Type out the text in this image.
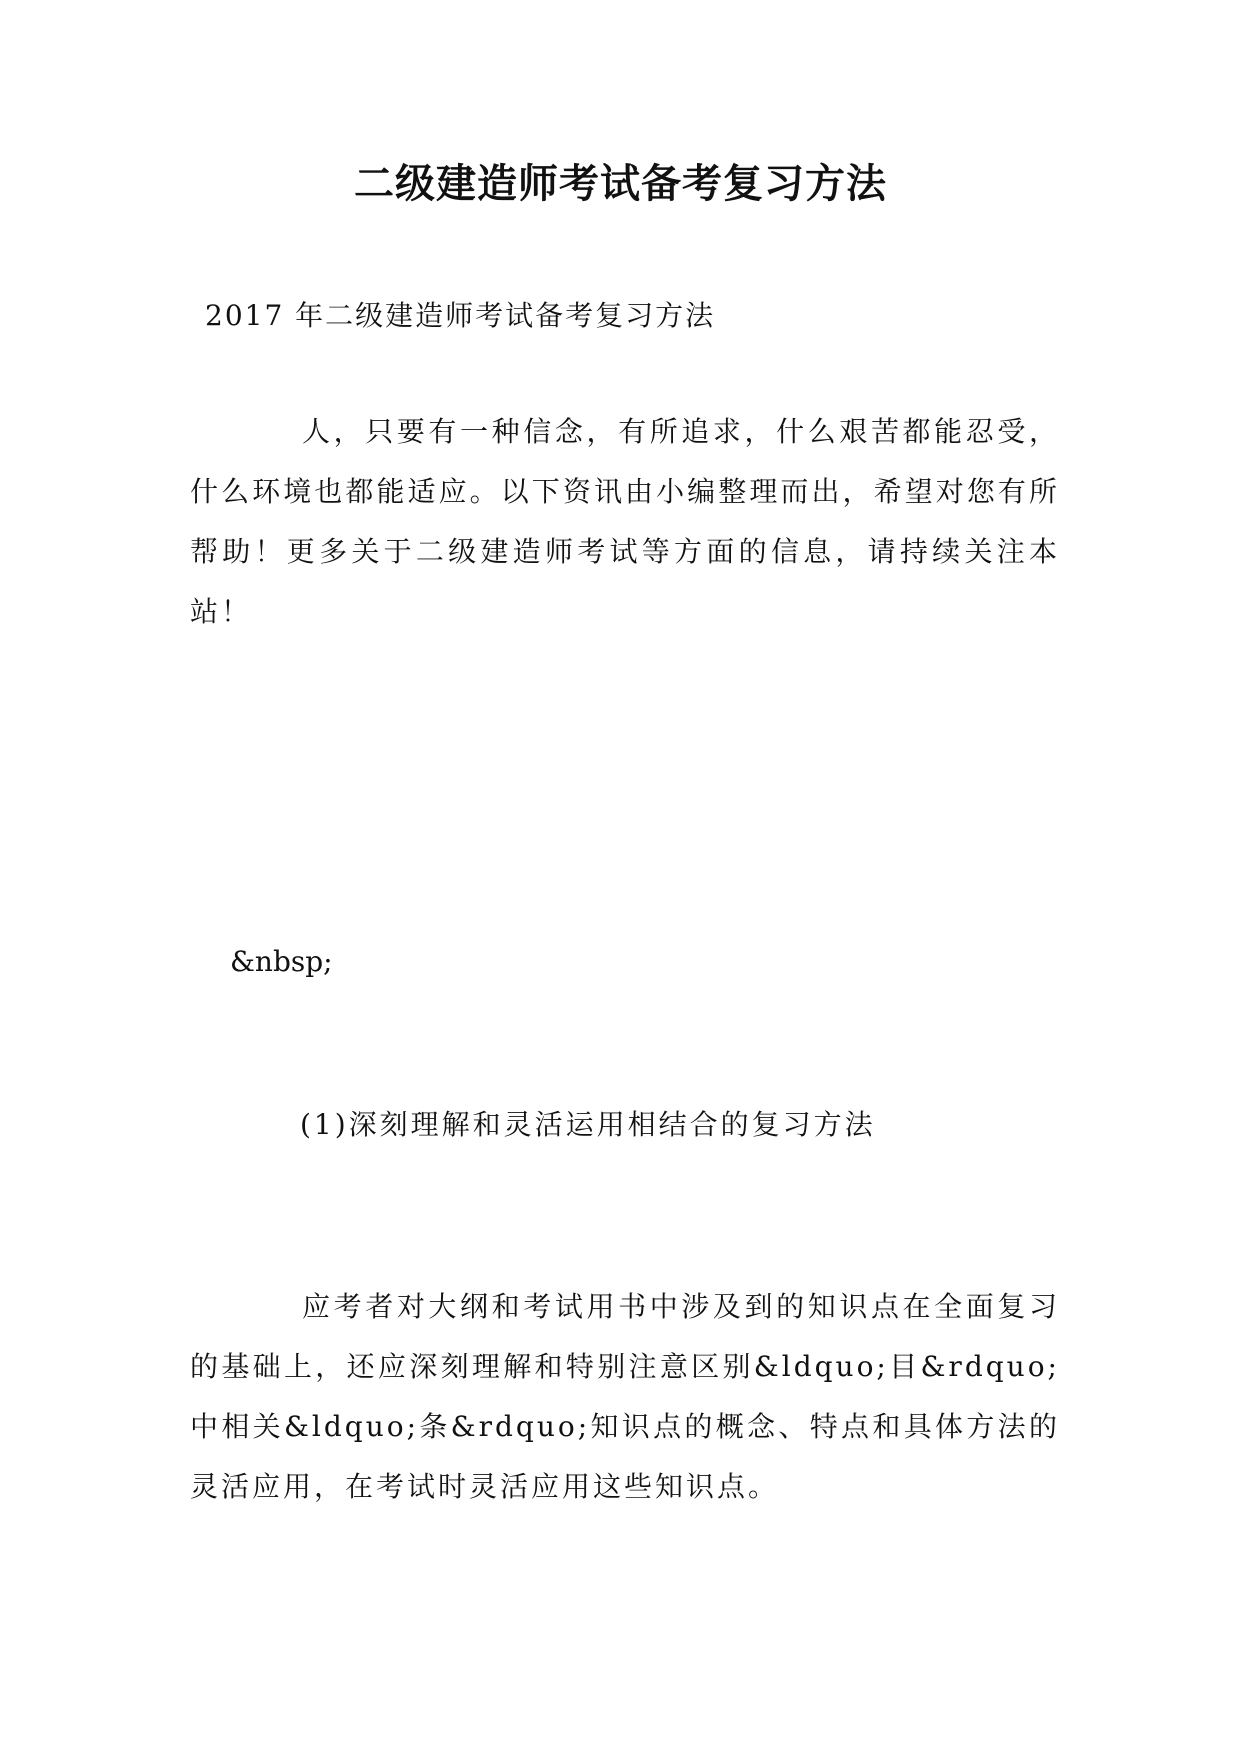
二级建造师考试备考复习方法
2017 年二级建造师考试备考复习方法
人，只要有一种信念，有所追求，什么艰苦都能忍受，什么环境也都能适应。以下资讯由小编整理而出，希望对您有所帮助！更多关于二级建造师考试等方面的信息，请持续关注本站！
&nbsp;
(1)深刻理解和灵活运用相结合的复习方法
应考者对大纲和考试用书中涉及到的知识点在全面复习的基础上，还应深刻理解和特别注意区别&ldquo;目&rdquo;中相关&ldquo;条&rdquo;知识点的概念、特点和具体方法的灵活应用，在考试时灵活应用这些知识点。
